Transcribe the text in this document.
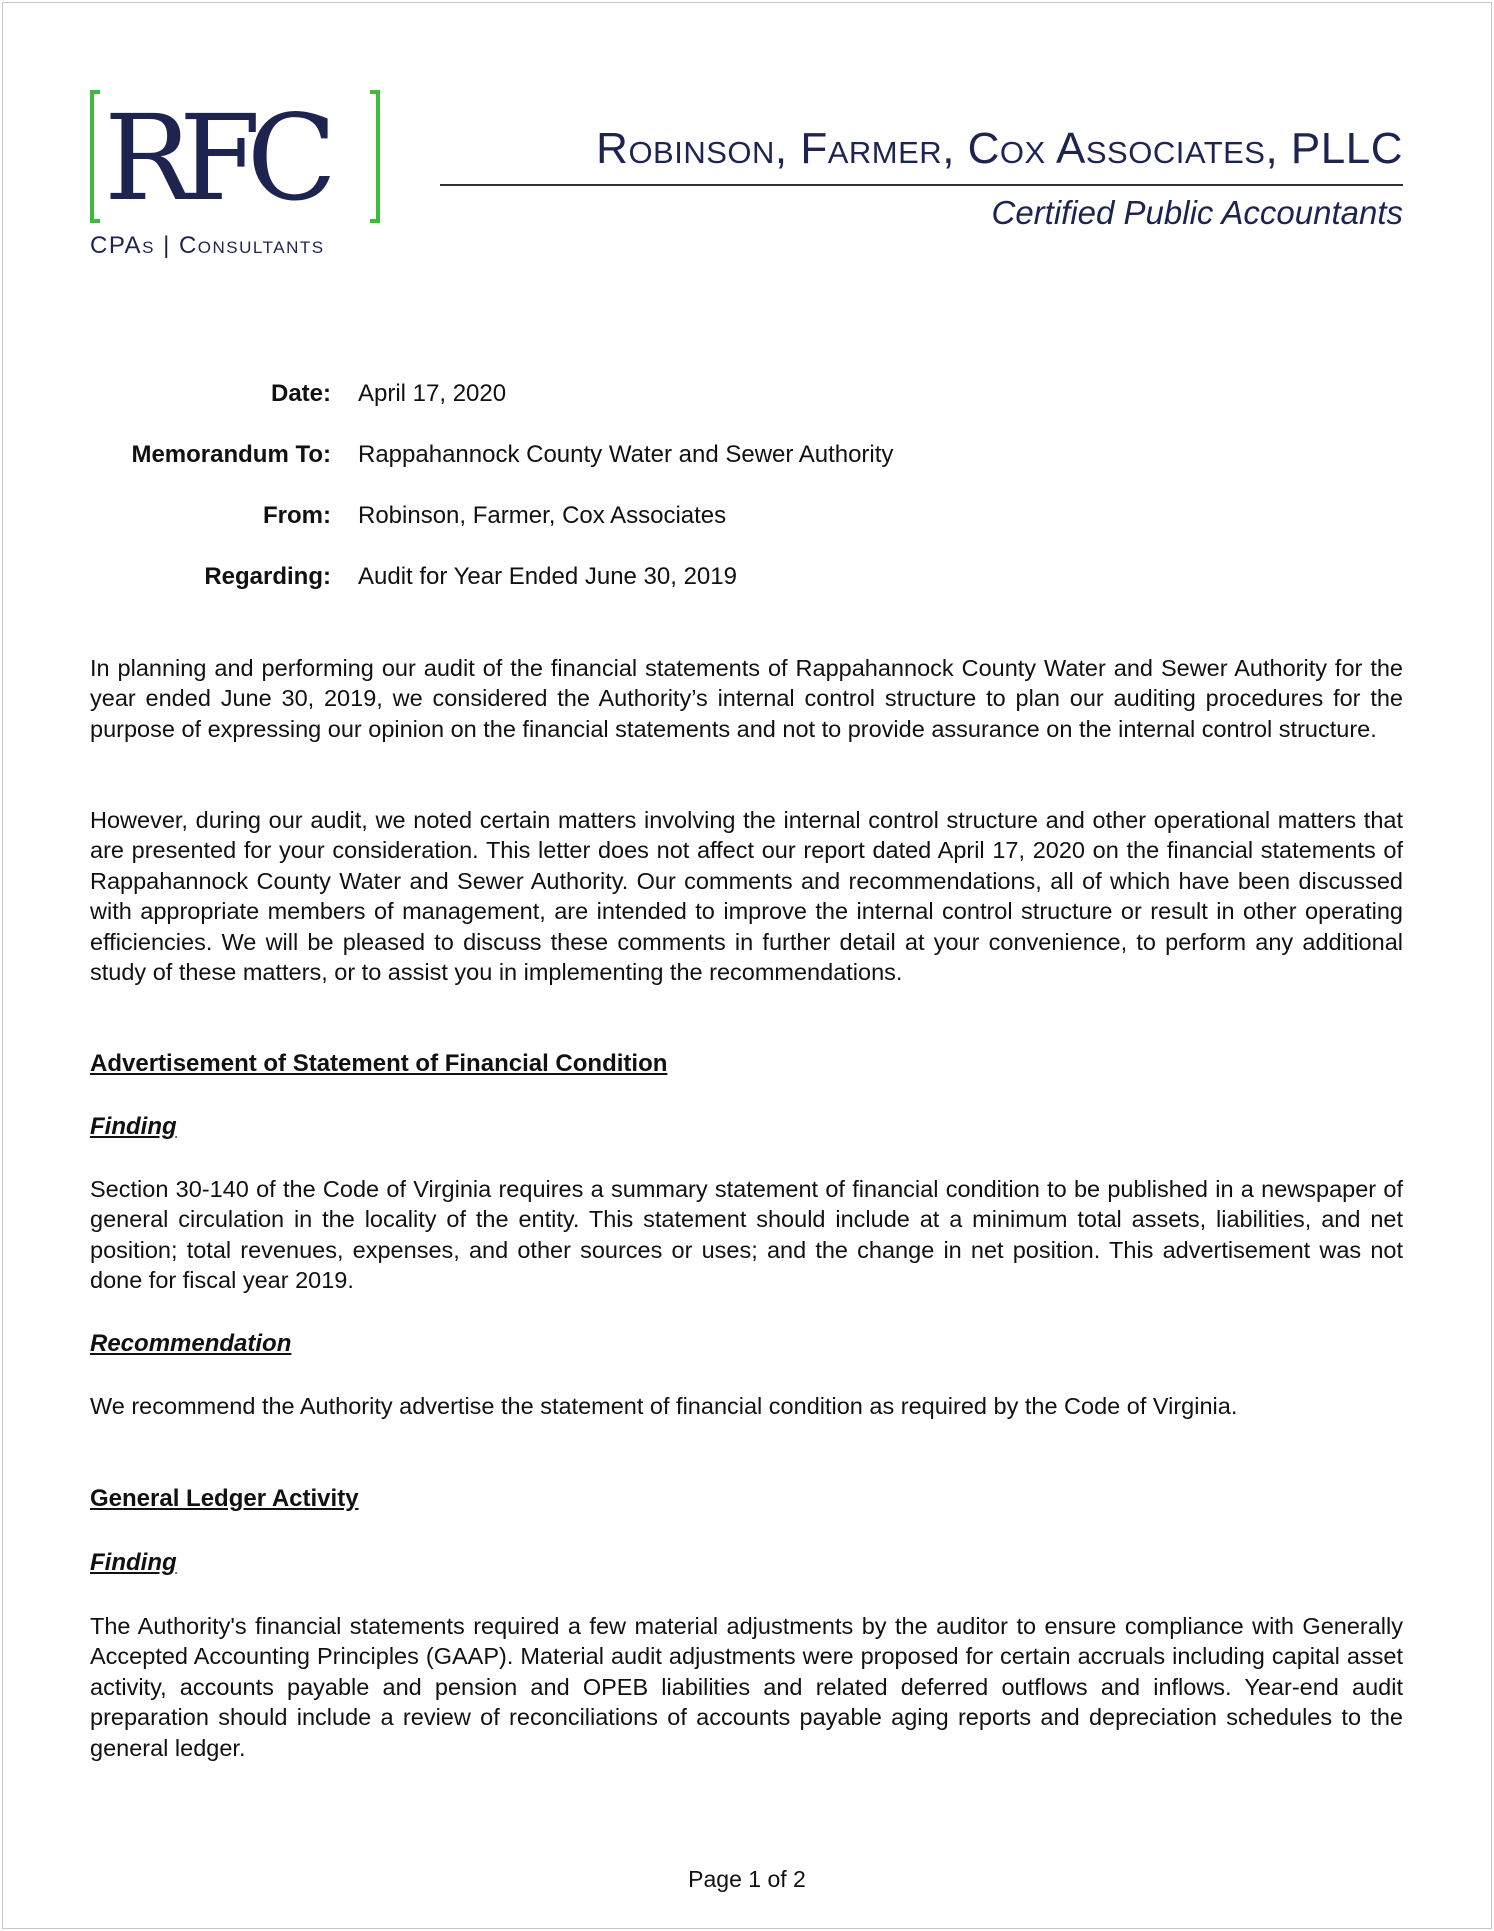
RFC
CPAs | Consultants
Robinson, Farmer, Cox Associates, PLLC
Certified Public Accountants
Date: April 17, 2020
Memorandum To: Rappahannock County Water and Sewer Authority
From: Robinson, Farmer, Cox Associates
Regarding: Audit for Year Ended June 30, 2019

In planning and performing our audit of the financial statements of Rappahannock County Water and Sewer Authority for the year ended June 30, 2019, we considered the Authority’s internal control structure to plan our auditing procedures for the purpose of expressing our opinion on the financial statements and not to provide assurance on the internal control structure.

However, during our audit, we noted certain matters involving the internal control structure and other operational matters that are presented for your consideration. This letter does not affect our report dated April 17, 2020 on the financial statements of Rappahannock County Water and Sewer Authority. Our comments and recommendations, all of which have been discussed with appropriate members of management, are intended to improve the internal control structure or result in other operating efficiencies. We will be pleased to discuss these comments in further detail at your convenience, to perform any additional study of these matters, or to assist you in implementing the recommendations.

Advertisement of Statement of Financial Condition
Finding

Section 30-140 of the Code of Virginia requires a summary statement of financial condition to be published in a newspaper of general circulation in the locality of the entity. This statement should include at a minimum total assets, liabilities, and net position; total revenues, expenses, and other sources or uses; and the change in net position. This advertisement was not done for fiscal year 2019.

Recommendation

We recommend the Authority advertise the statement of financial condition as required by the Code of Virginia.

General Ledger Activity
Finding

The Authority's financial statements required a few material adjustments by the auditor to ensure compliance with Generally Accepted Accounting Principles (GAAP). Material audit adjustments were proposed for certain accruals including capital asset activity, accounts payable and pension and OPEB liabilities and related deferred outflows and inflows. Year-end audit preparation should include a review of reconciliations of accounts payable aging reports and depreciation schedules to the general ledger.

Page 1 of 2
